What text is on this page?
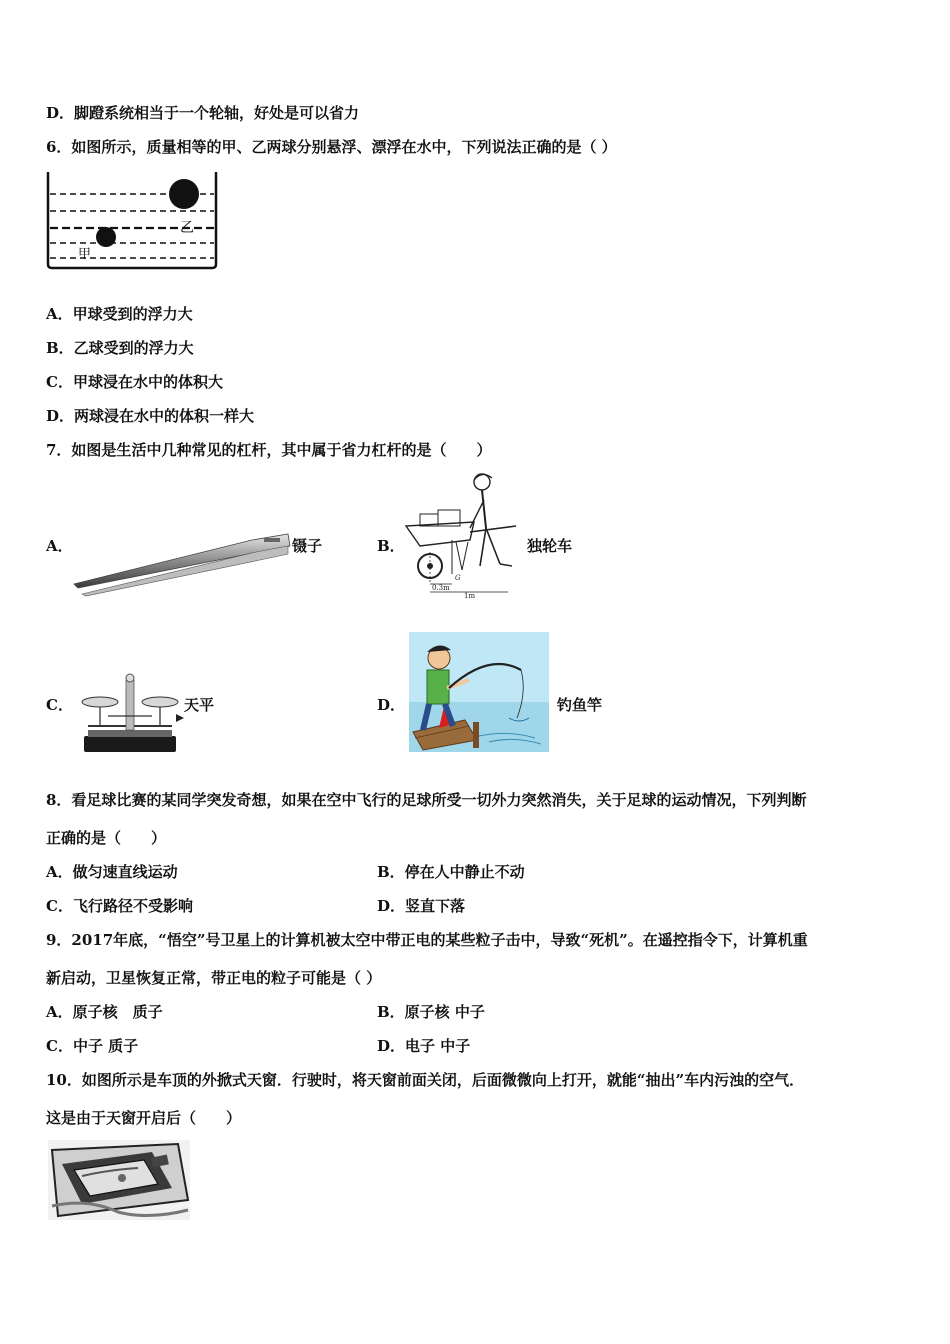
D．脚蹬系统相当于一个轮轴，好处是可以省力
6．如图所示，质量相等的甲、乙两球分别悬浮、漂浮在水中，下列说法正确的是（ ）
乙
甲
A．甲球受到的浮力大
B．乙球受到的浮力大
C．甲球浸在水中的体积大
D．两球浸在水中的体积一样大
7．如图是生活中几种常见的杠杆，其中属于省力杠杆的是（　　）
A．	镊子	B．
0.3m
1m
G
独轮车
C．	天平	D．	钓鱼竿
8．看足球比赛的某同学突发奇想，如果在空中飞行的足球所受一切外力突然消失，关于足球的运动情况，下列判断
正确的是（　　）
A．做匀速直线运动	B．停在人中静止不动
C．飞行路径不受影响	D．竖直下落
9．2017年底，“悟空”号卫星上的计算机被太空中带正电的某些粒子击中，导致“死机”。在遥控指令下，计算机重
新启动，卫星恢复正常，带正电的粒子可能是（ ）
A．原子核　质子	B．原子核 中子
C．中子 质子	D．电子 中子
10．如图所示是车顶的外掀式天窗．行驶时，将天窗前面关闭，后面微微向上打开，就能“抽出”车内污浊的空气．
这是由于天窗开启后（　　）
